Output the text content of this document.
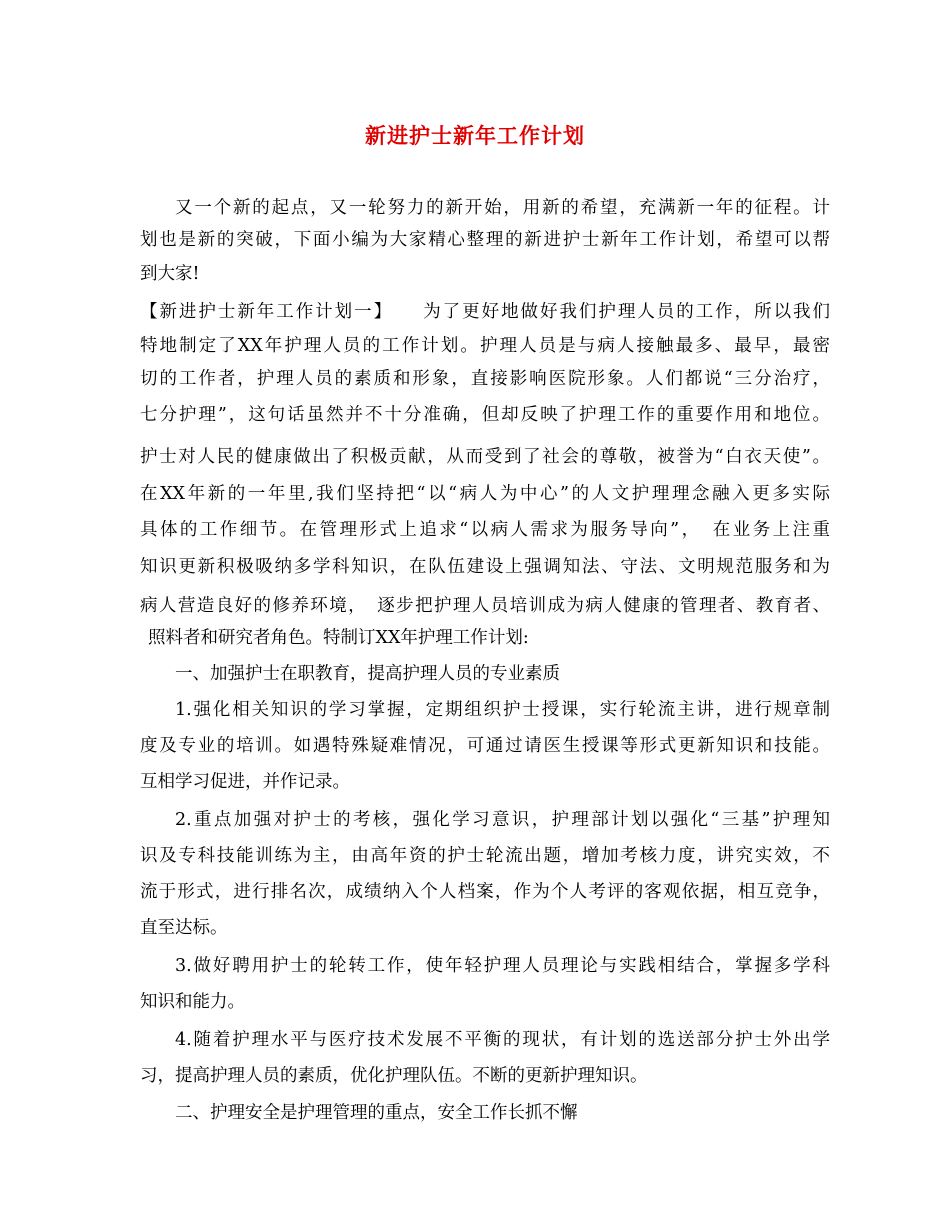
新进护士新年工作计划
又一个新的起点，又一轮努力的新开始，用新的希望，充满新一年的征程。计
划也是新的突破，下面小编为大家精心整理的新进护士新年工作计划，希望可以帮
到大家!
【新进护士新年工作计划一】　　为了更好地做好我们护理人员的工作，所以我们
特地制定了XX年护理人员的工作计划。护理人员是与病人接触最多、最早，最密
切的工作者，护理人员的素质和形象，直接影响医院形象。人们都说“三分治疗，
七分护理”，这句话虽然并不十分准确，但却反映了护理工作的重要作用和地位。
护士对人民的健康做出了积极贡献，从而受到了社会的尊敬，被誉为“白衣天使”。
在XX年新的一年里,我们坚持把“以“病人为中心”的人文护理理念融入更多实际
具体的工作细节。在管理形式上追求“以病人需求为服务导向”，　在业务上注重
知识更新积极吸纳多学科知识，在队伍建设上强调知法、守法、文明规范服务和为
病人营造良好的修养环境，　逐步把护理人员培训成为病人健康的管理者、教育者、
照料者和研究者角色。特制订XX年护理工作计划:
一、加强护士在职教育，提高护理人员的专业素质
1.强化相关知识的学习掌握，定期组织护士授课，实行轮流主讲，进行规章制
度及专业的培训。如遇特殊疑难情况，可通过请医生授课等形式更新知识和技能。
互相学习促进，并作记录。
2.重点加强对护士的考核，强化学习意识，护理部计划以强化“三基”护理知
识及专科技能训练为主，由高年资的护士轮流出题，增加考核力度，讲究实效，不
流于形式，进行排名次，成绩纳入个人档案，作为个人考评的客观依据，相互竞争，
直至达标。
3.做好聘用护士的轮转工作，使年轻护理人员理论与实践相结合，掌握多学科
知识和能力。
4.随着护理水平与医疗技术发展不平衡的现状，有计划的选送部分护士外出学
习，提高护理人员的素质，优化护理队伍。不断的更新护理知识。
二、护理安全是护理管理的重点，安全工作长抓不懈
